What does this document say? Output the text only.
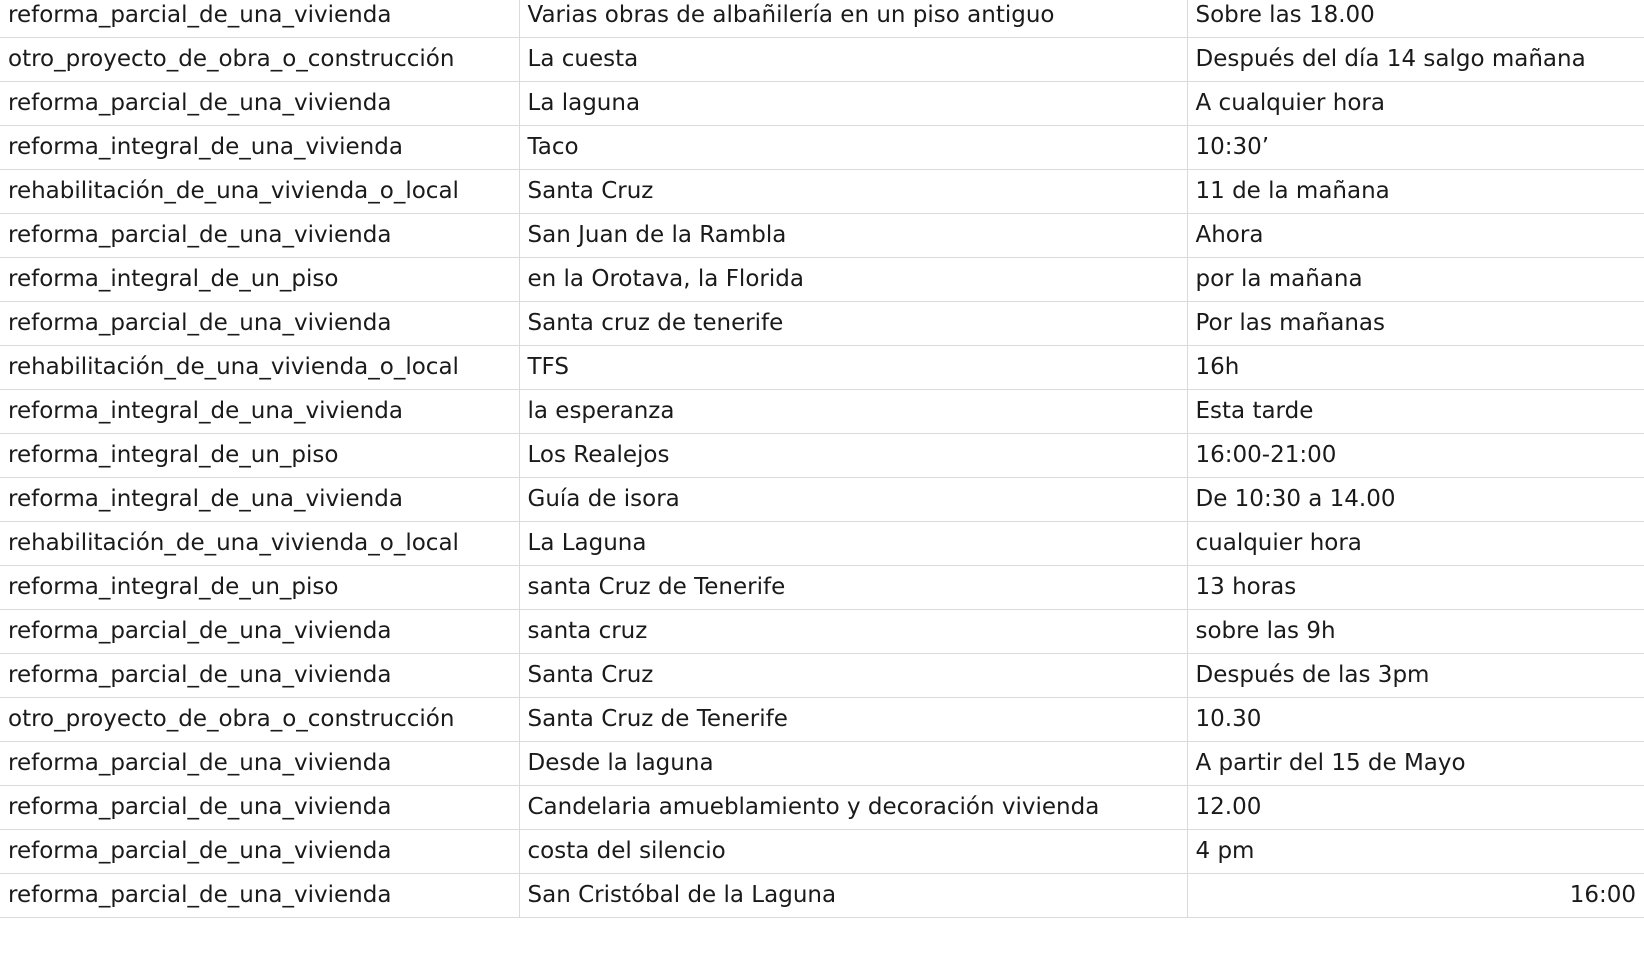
reforma_parcial_de_una_vivienda	Varias obras de albañilería en un piso antiguo	Sobre las 18.00
otro_proyecto_de_obra_o_construcción	La cuesta	Después del día 14 salgo mañana
reforma_parcial_de_una_vivienda	La laguna	A cualquier hora
reforma_integral_de_una_vivienda	Taco	10:30’
rehabilitación_de_una_vivienda_o_local	Santa Cruz	11 de la mañana
reforma_parcial_de_una_vivienda	San Juan de la Rambla	Ahora
reforma_integral_de_un_piso	en la Orotava, la Florida	por la mañana
reforma_parcial_de_una_vivienda	Santa cruz de tenerife	Por las mañanas
rehabilitación_de_una_vivienda_o_local	TFS	16h
reforma_integral_de_una_vivienda	la esperanza	Esta tarde
reforma_integral_de_un_piso	Los Realejos	16:00-21:00
reforma_integral_de_una_vivienda	Guía de isora	De 10:30 a 14.00
rehabilitación_de_una_vivienda_o_local	La Laguna	cualquier hora
reforma_integral_de_un_piso	santa Cruz de Tenerife	13 horas
reforma_parcial_de_una_vivienda	santa cruz	sobre las 9h
reforma_parcial_de_una_vivienda	Santa Cruz	Después de las 3pm
otro_proyecto_de_obra_o_construcción	Santa Cruz de Tenerife	10.30
reforma_parcial_de_una_vivienda	Desde la laguna	A partir del 15 de Mayo
reforma_parcial_de_una_vivienda	Candelaria amueblamiento y decoración vivienda	12.00
reforma_parcial_de_una_vivienda	costa del silencio	4 pm
reforma_parcial_de_una_vivienda	San Cristóbal de la Laguna	16:00
